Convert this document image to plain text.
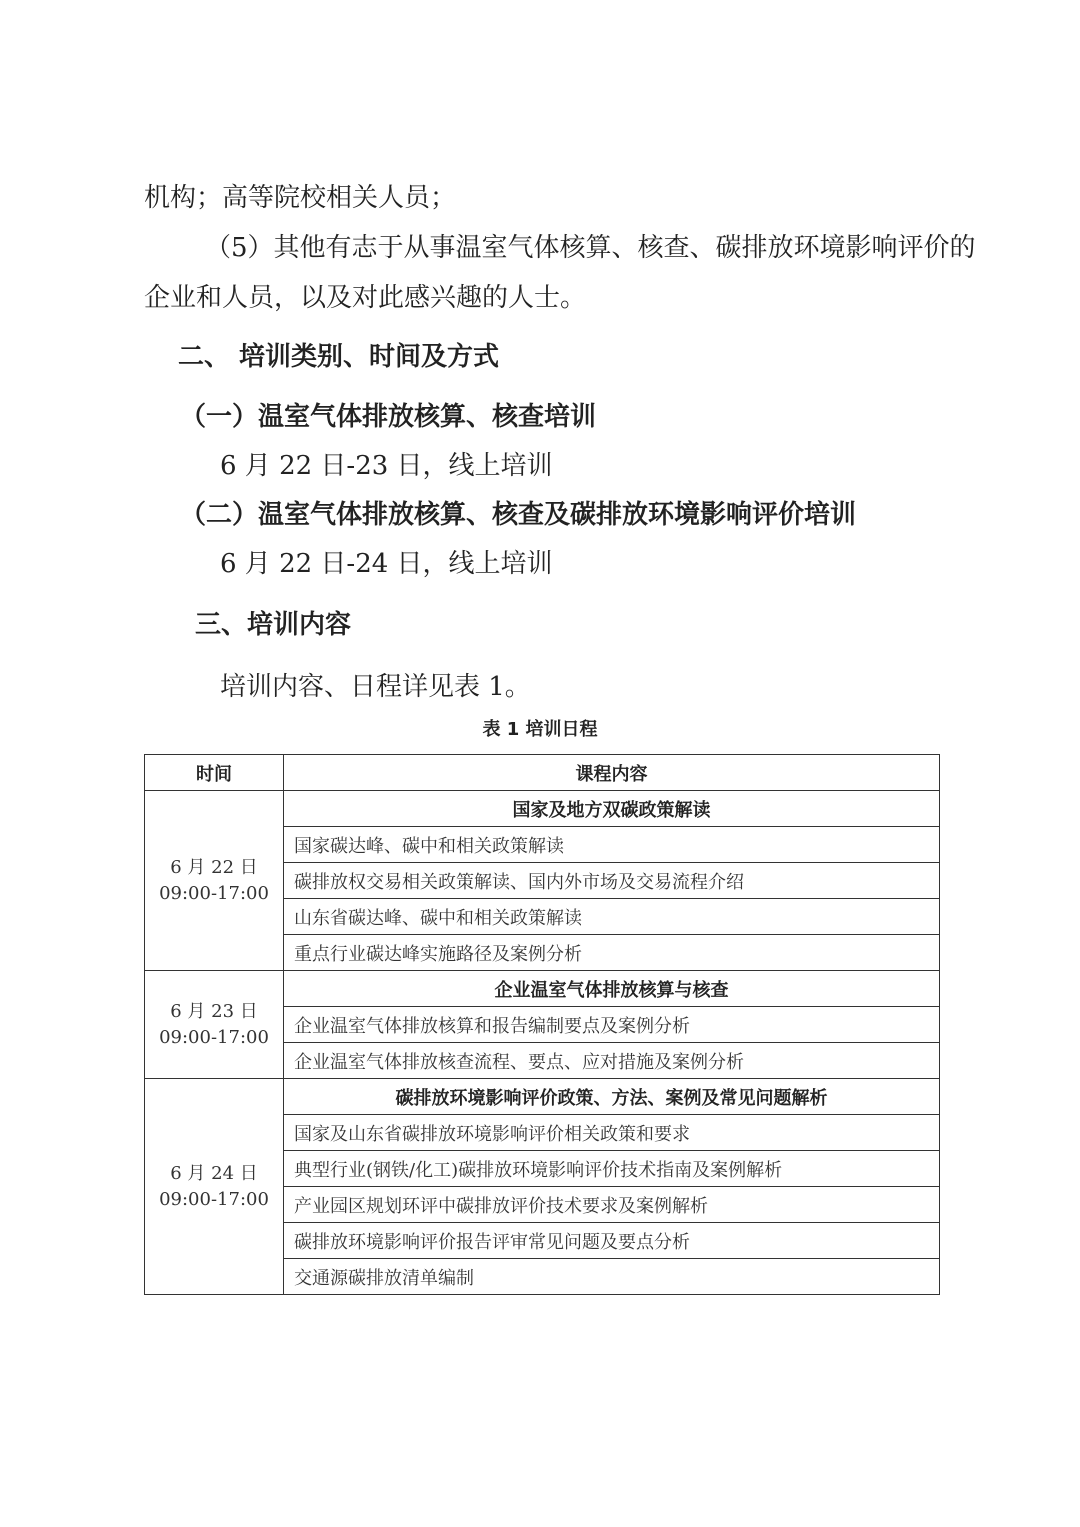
机构；高等院校相关人员；
（5）其他有志于从事温室气体核算、核查、碳排放环境影响评价的
企业和人员，以及对此感兴趣的人士。
二、 培训类别、时间及方式
（一）温室气体排放核算、核查培训
6 月 22 日-23 日，线上培训
（二）温室气体排放核算、核查及碳排放环境影响评价培训
6 月 22 日-24 日，线上培训
三、培训内容
培训内容、日程详见表 1。
表 1 培训日程
时间	课程内容

6 月 22 日
09:00-17:00	国家及地方双碳政策解读
	国家碳达峰、碳中和相关政策解读
	碳排放权交易相关政策解读、国内外市场及交易流程介绍
	山东省碳达峰、碳中和相关政策解读
	重点行业碳达峰实施路径及案例分析

6 月 23 日
09:00-17:00	企业温室气体排放核算与核查
	企业温室气体排放核算和报告编制要点及案例分析
	企业温室气体排放核查流程、要点、应对措施及案例分析

6 月 24 日
09:00-17:00	碳排放环境影响评价政策、方法、案例及常见问题解析
	国家及山东省碳排放环境影响评价相关政策和要求
	典型行业(钢铁/化工)碳排放环境影响评价技术指南及案例解析
	产业园区规划环评中碳排放评价技术要求及案例解析
	碳排放环境影响评价报告评审常见问题及要点分析
	交通源碳排放清单编制
